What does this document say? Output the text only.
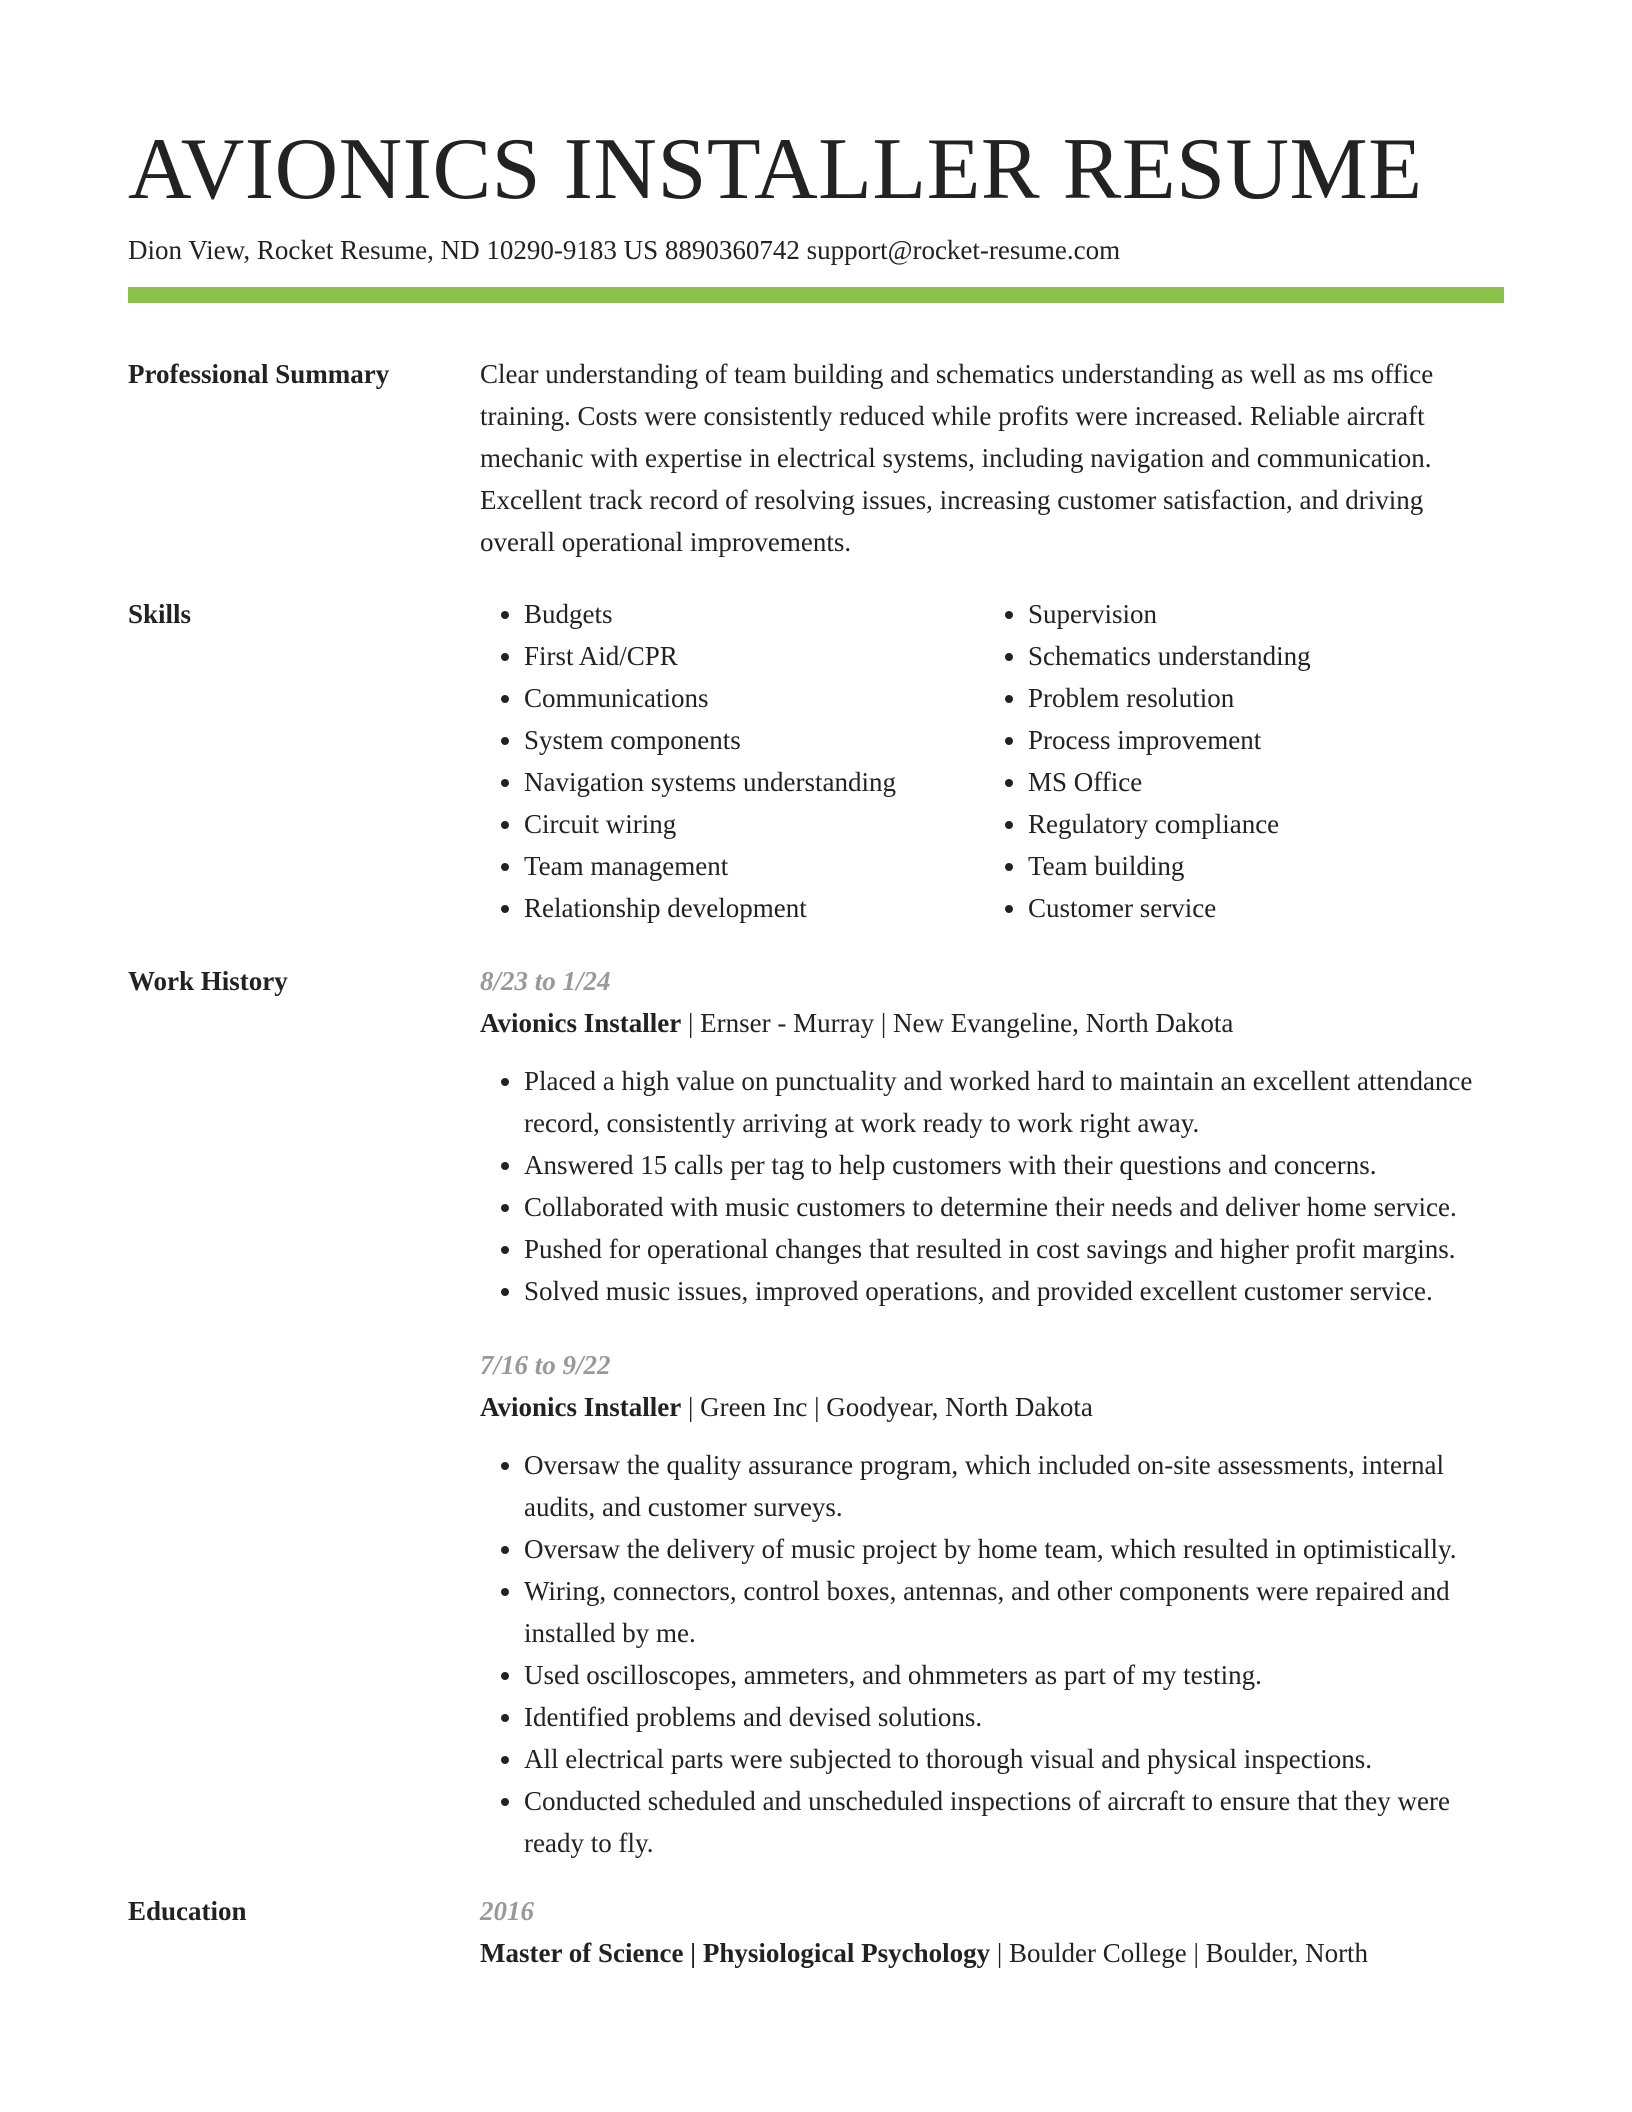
AVIONICS INSTALLER RESUME
Dion View, Rocket Resume, ND 10290-9183 US 8890360742 support@rocket-resume.com
Professional Summary	Clear understanding of team building and schematics understanding as well as ms office training. Costs were consistently reduced while profits were increased. Reliable aircraft mechanic with expertise in electrical systems, including navigation and communication. Excellent track record of resolving issues, increasing customer satisfaction, and driving overall operational improvements.
Skills
•	Budgets
• First Aid/CPR
• Communications
• System components
• Navigation systems understanding
• Circuit wiring
• Team management
• Relationship development
• Supervision
• Schematics understanding
• Problem resolution
• Process improvement
• MS Office
• Regulatory compliance
• Team building
• Customer service
Work History	8/23 to 1/24
Avionics Installer | Ernser - Murray | New Evangeline, North Dakota
• Placed a high value on punctuality and worked hard to maintain an excellent attendance record, consistently arriving at work ready to work right away.
• Answered 15 calls per tag to help customers with their questions and concerns.
• Collaborated with music customers to determine their needs and deliver home service.
• Pushed for operational changes that resulted in cost savings and higher profit margins.
• Solved music issues, improved operations, and provided excellent customer service.
7/16 to 9/22
Avionics Installer | Green Inc | Goodyear, North Dakota
• Oversaw the quality assurance program, which included on-site assessments, internal audits, and customer surveys.
• Oversaw the delivery of music project by home team, which resulted in optimistically.
• Wiring, connectors, control boxes, antennas, and other components were repaired and installed by me.
• Used oscilloscopes, ammeters, and ohmmeters as part of my testing.
• Identified problems and devised solutions.
• All electrical parts were subjected to thorough visual and physical inspections.
• Conducted scheduled and unscheduled inspections of aircraft to ensure that they were ready to fly.
Education	2016
Master of Science | Physiological Psychology | Boulder College | Boulder, North
